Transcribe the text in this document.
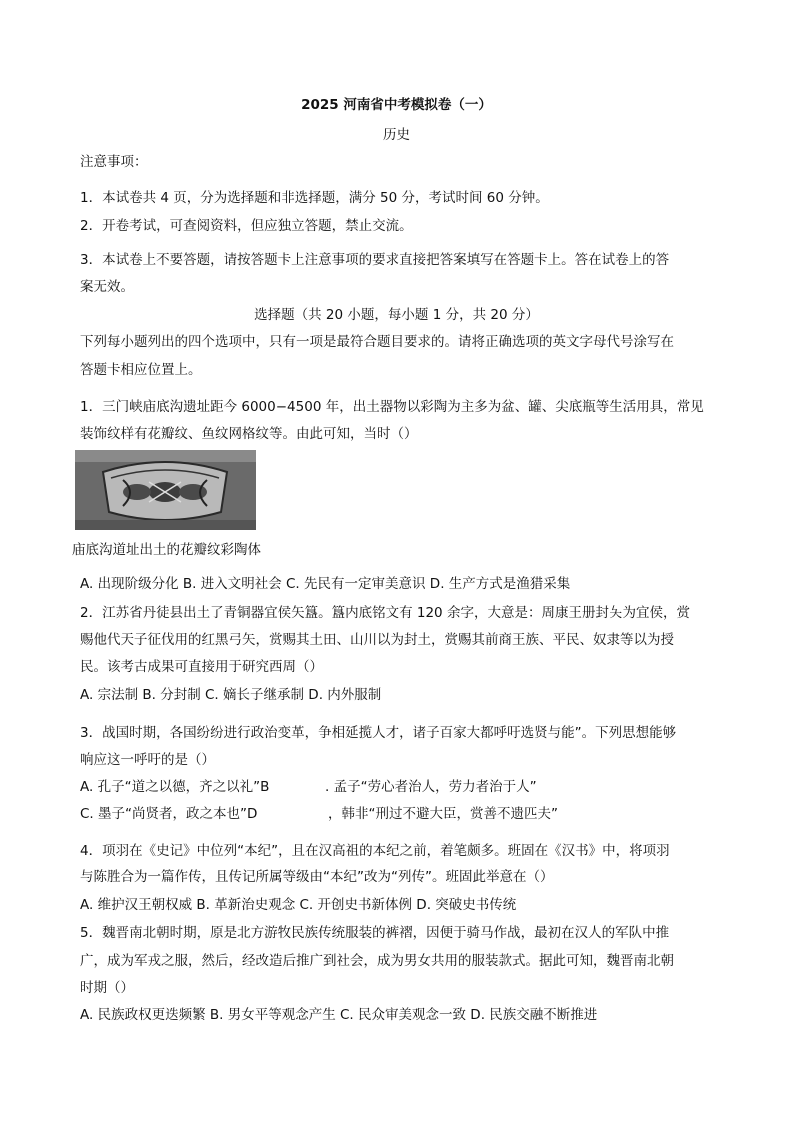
2025 河南省中考模拟卷（一）
历史
注意事项：
1．本试卷共 4 页，分为选择题和非选择题，满分 50 分，考试时间 60 分钟。
2．开卷考试，可查阅资料，但应独立答题，禁止交流。
3．本试卷上不要答题，请按答题卡上注意事项的要求直接把答案填写在答题卡上。答在试卷上的答
案无效。
选择题（共 20 小题，每小题 1 分，共 20 分）
下列每小题列出的四个选项中，只有一项是最符合题目要求的。请将正确选项的英文字母代号涂写在
答题卡相应位置上。
1．三门峡庙底沟遗址距今 6000−4500 年，出土器物以彩陶为主多为盆、罐、尖底瓶等生活用具，常见
装饰纹样有花瓣纹、鱼纹网格纹等。由此可知，当时（）
庙底沟道址出土的花瓣纹彩陶体
A. 出现阶级分化 B. 进入文明社会 C. 先民有一定审美意识 D. 生产方式是渔猎采集
2．江苏省丹徒县出土了青铜器宜侯矢簋。簋内底铭文有 120 余字，大意是：周康王册封夨为宜侯，赏
赐他代天子征伐用的红黑弓矢，赏赐其土田、山川以为封土，赏赐其前商王族、平民、奴隶等以为授
民。该考古成果可直接用于研究西周（）
A. 宗法制 B. 分封制 C. 嫡长子继承制 D. 内外服制
3．战国时期，各国纷纷进行政治变革，争相延揽人才，诸子百家大都呼吁选贤与能”。下列思想能够
响应这一呼吁的是（）
A. 孔子“道之以德，齐之以礼”B	. 孟子“劳心者治人，劳力者治于人”
C. 墨子“尚贤者，政之本也”D	，韩非“刑过不避大臣，赏善不遗匹夫”
4．项羽在《史记》中位列“本纪”，且在汉高祖的本纪之前，着笔颇多。班固在《汉书》中，将项羽
与陈胜合为一篇作传，且传记所属等级由“本纪”改为“列传”。班固此举意在（）
A. 维护汉王朝权威 B. 革新治史观念 C. 开创史书新体例 D. 突破史书传统
5．魏晋南北朝时期，原是北方游牧民族传统服装的裤褶，因便于骑马作战，最初在汉人的军队中推
广，成为军戎之服，然后，经改造后推广到社会，成为男女共用的服装款式。据此可知，魏晋南北朝
时期（）
A. 民族政权更迭频繁 B. 男女平等观念产生 C. 民众审美观念一致 D. 民族交融不断推进
